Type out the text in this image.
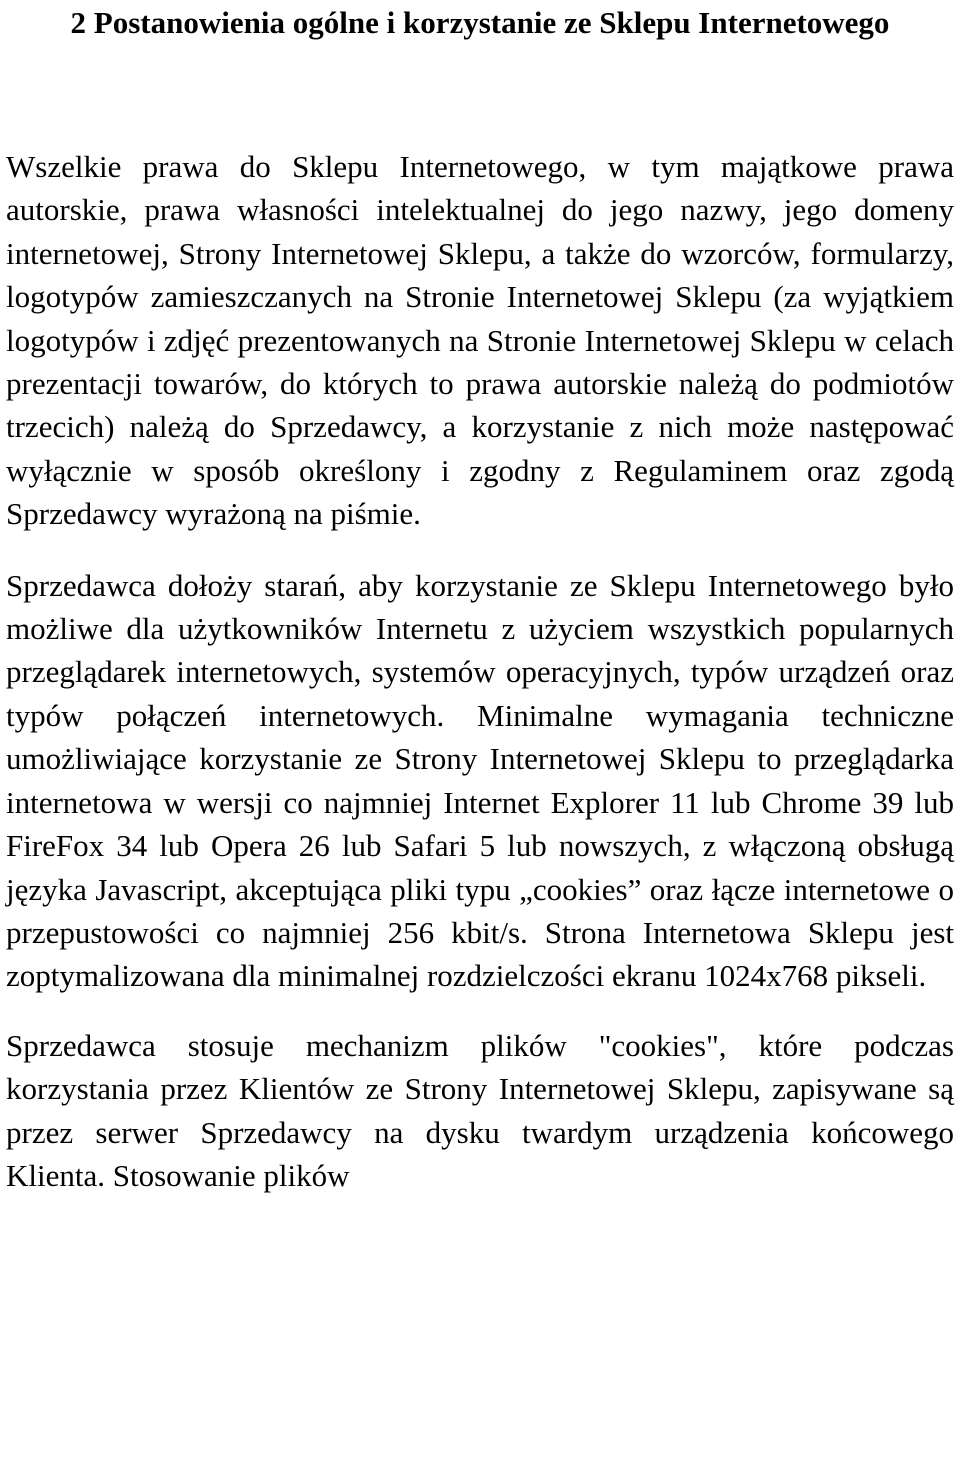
2 Postanowienia ogólne i korzystanie ze Sklepu Internetowego

Wszelkie prawa do Sklepu Internetowego, w tym majątkowe prawa autorskie, prawa własności intelektualnej do jego nazwy, jego domeny internetowej, Strony Internetowej Sklepu, a także do wzorców, formularzy, logotypów zamieszczanych na Stronie Internetowej Sklepu (za wyjątkiem logotypów i zdjęć prezentowanych na Stronie Internetowej Sklepu w celach prezentacji towarów, do których to prawa autorskie należą do podmiotów trzecich) należą do Sprzedawcy, a korzystanie z nich może następować wyłącznie w sposób określony i zgodny z Regulaminem oraz zgodą Sprzedawcy wyrażoną na piśmie.

Sprzedawca dołoży starań, aby korzystanie ze Sklepu Internetowego było możliwe dla użytkowników Internetu z użyciem wszystkich popularnych przeglądarek internetowych, systemów operacyjnych, typów urządzeń oraz typów połączeń internetowych. Minimalne wymagania techniczne umożliwiające korzystanie ze Strony Internetowej Sklepu to przeglądarka internetowa w wersji co najmniej Internet Explorer 11 lub Chrome 39 lub FireFox 34 lub Opera 26 lub Safari 5 lub nowszych, z włączoną obsługą języka Javascript, akceptująca pliki typu „cookies” oraz łącze internetowe o przepustowości co najmniej 256 kbit/s. Strona Internetowa Sklepu jest zoptymalizowana dla minimalnej rozdzielczości ekranu 1024x768 pikseli.

Sprzedawca stosuje mechanizm plików "cookies", które podczas korzystania przez Klientów ze Strony Internetowej Sklepu, zapisywane są przez serwer Sprzedawcy na dysku twardym urządzenia końcowego Klienta. Stosowanie plików
